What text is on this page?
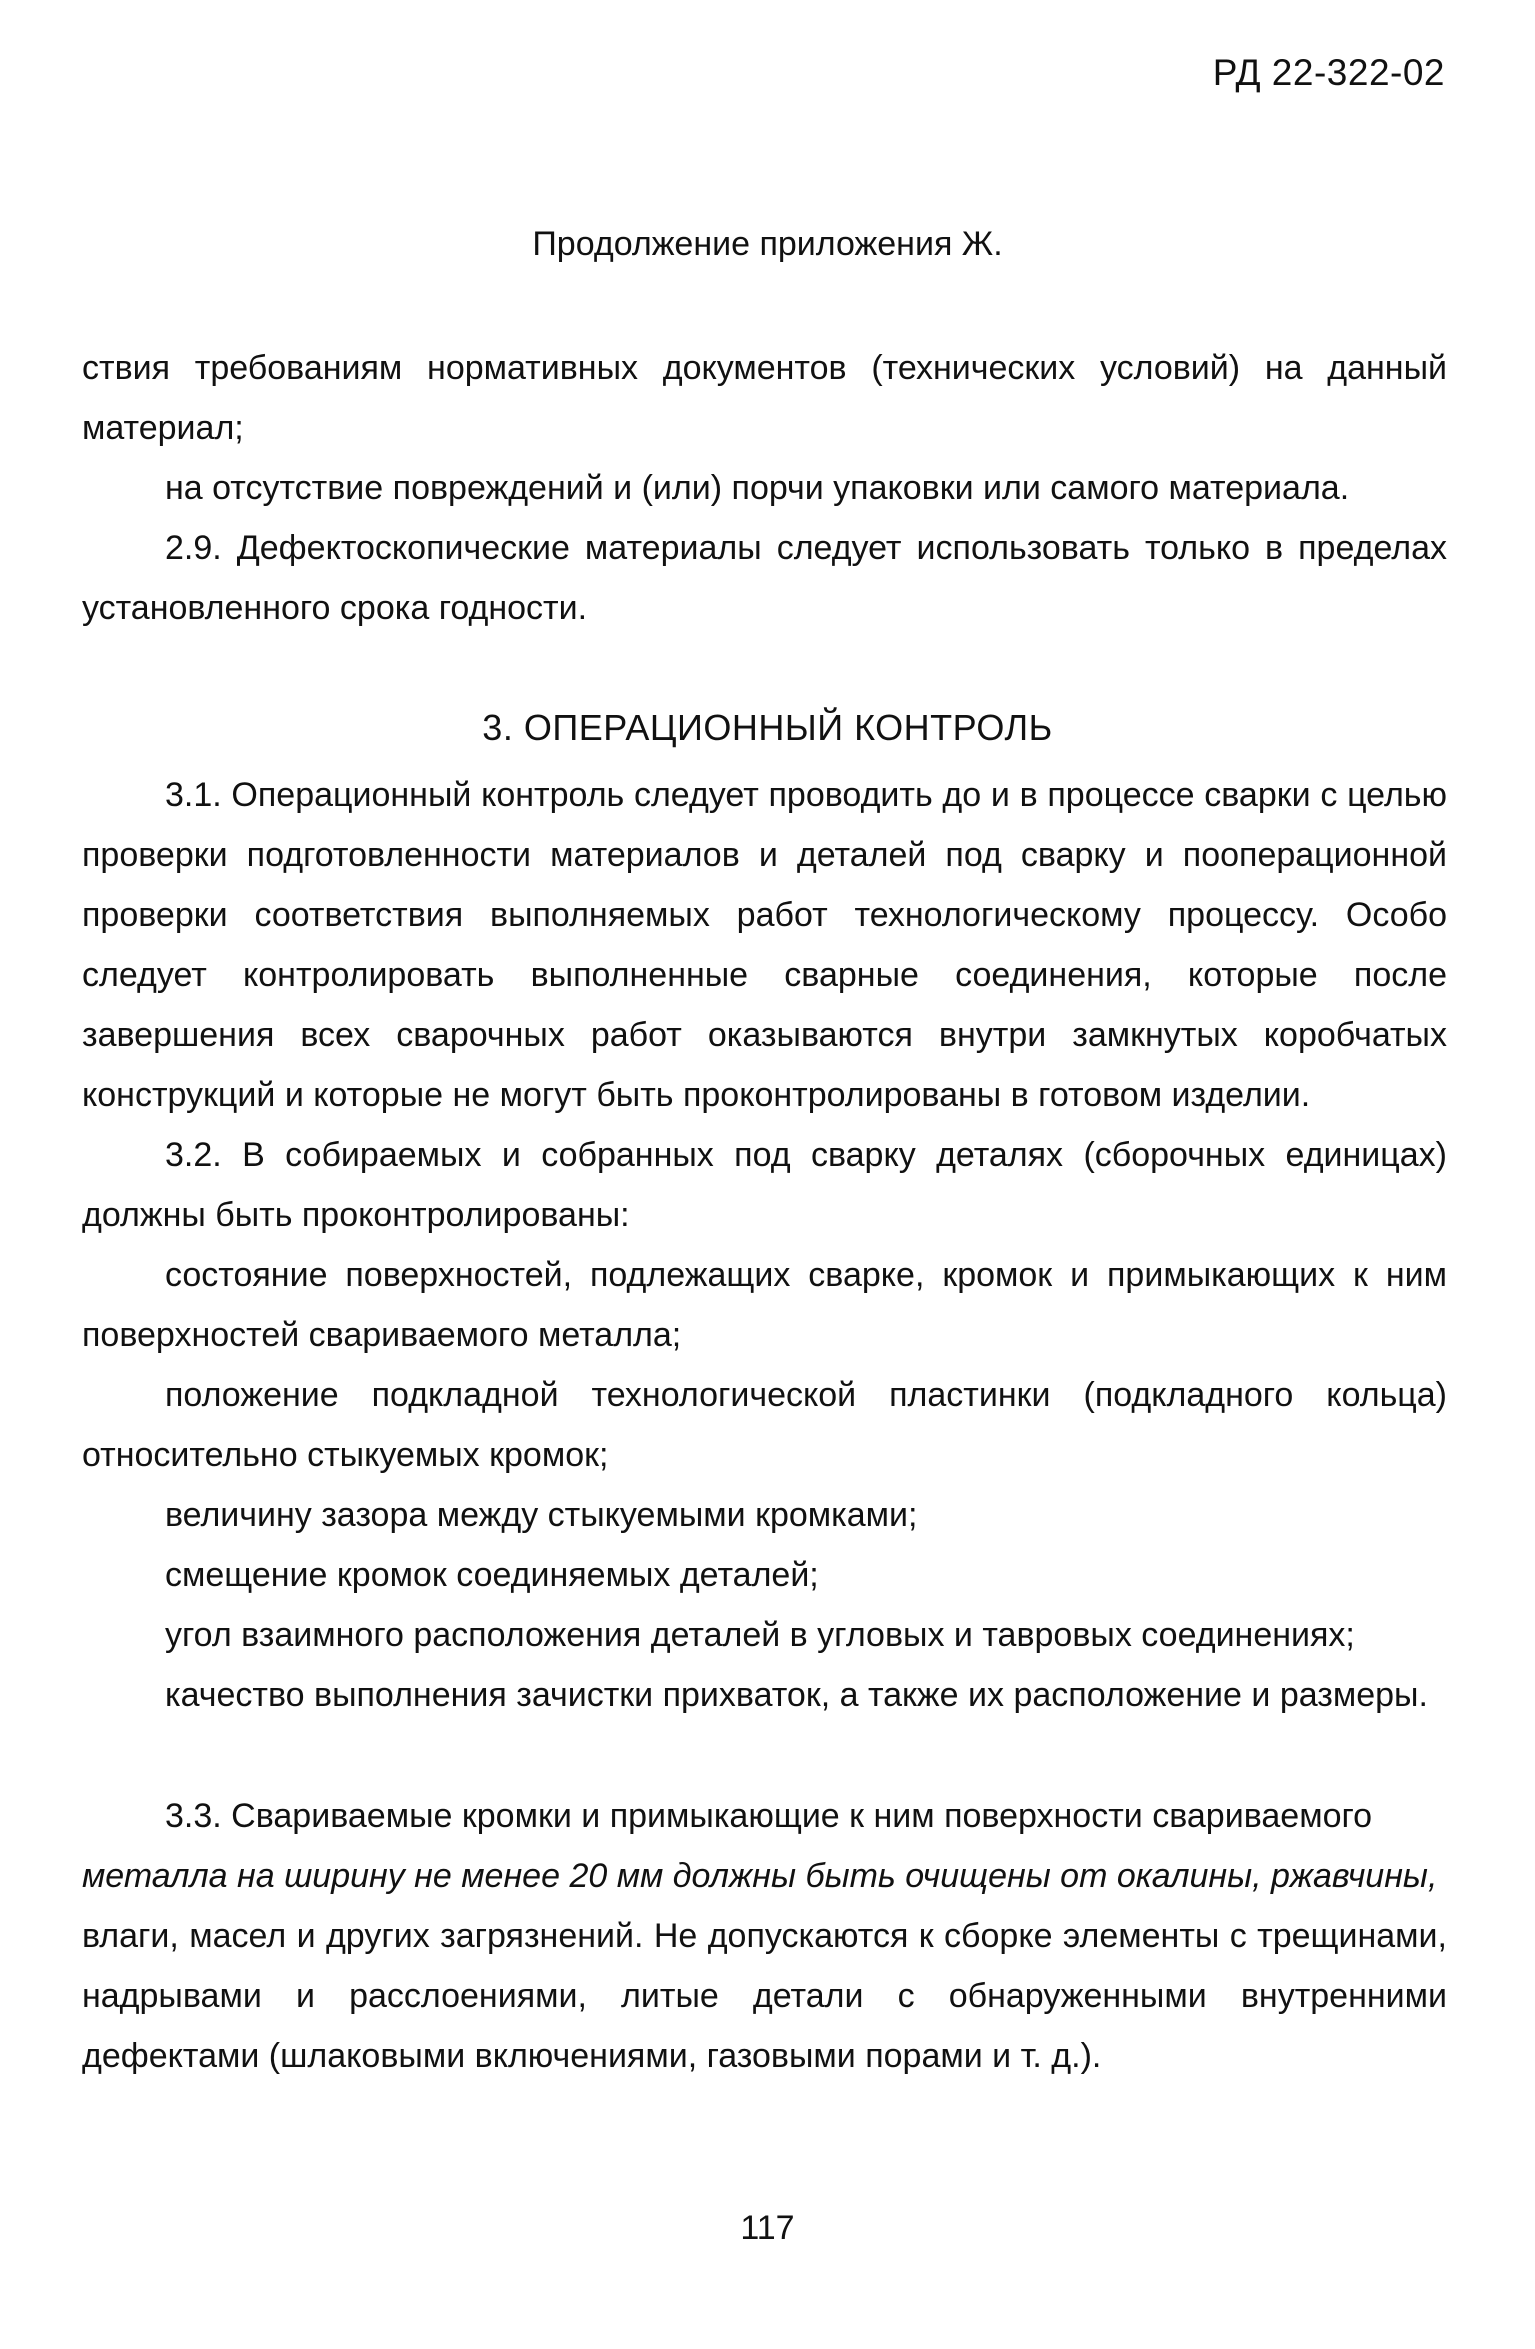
РД 22-322-02
Продолжение приложения Ж.

ствия требованиям нормативных документов (технических условий) на данный материал;

на отсутствие повреждений и (или) порчи упаковки или самого материала.

2.9. Дефектоскопические материалы следует использовать только в пределах установленного срока годности.

3. ОПЕРАЦИОННЫЙ КОНТРОЛЬ

3.1. Операционный контроль следует проводить до и в процессе сварки с целью проверки подготовленности материалов и деталей под сварку и пооперационной проверки соответствия выполняемых работ технологическому процессу. Особо следует контролировать выполненные сварные соединения, которые после завершения всех сварочных работ оказываются внутри замкнутых коробчатых конструкций и которые не могут быть проконтролированы в готовом изделии.

3.2. В собираемых и собранных под сварку деталях (сборочных единицах) должны быть проконтролированы:

состояние поверхностей, подлежащих сварке, кромок и примыкающих к ним поверхностей свариваемого металла;

положение подкладной технологической пластинки (подкладного кольца) относительно стыкуемых кромок;

величину зазора между стыкуемыми кромками;

смещение кромок соединяемых деталей;

угол взаимного расположения деталей в угловых и тавровых соединениях;

качество выполнения зачистки прихваток, а также их расположение и размеры.

3.3. Свариваемые кромки и примыкающие к ним поверхности свариваемого
металла на ширину не менее 20 мм должны быть очищены от окалины, ржавчины,
влаги, масел и других загрязнений. Не допускаются к сборке элементы с трещинами, надрывами и расслоениями, литые детали с обнаруженными внутренними дефектами (шлаковыми включениями, газовыми порами и т. д.).
117
